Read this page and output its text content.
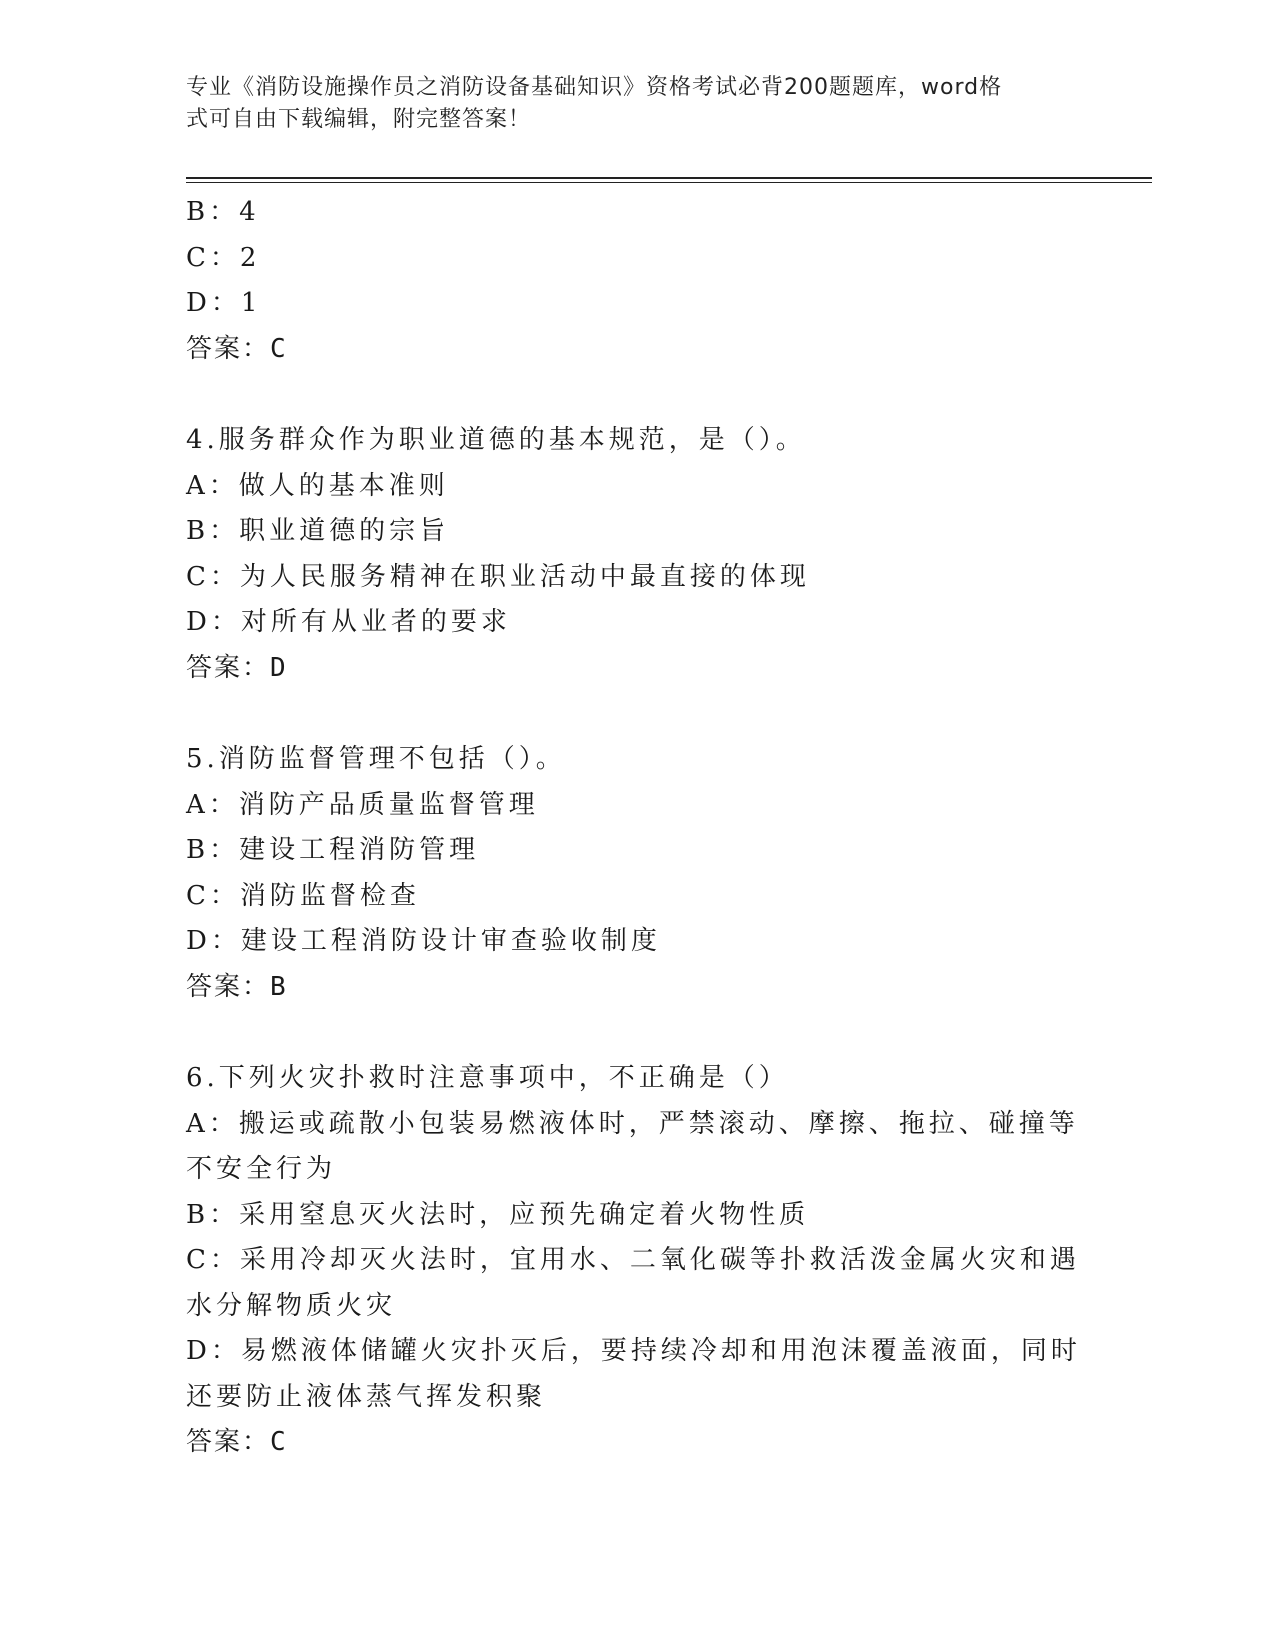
专业《消防设施操作员之消防设备基础知识》资格考试必背200题题库，word格
式可自由下载编辑，附完整答案！
B：4
C：2
D：1
答案：C
4.服务群众作为职业道德的基本规范，是（）。
A：做人的基本准则
B：职业道德的宗旨
C：为人民服务精神在职业活动中最直接的体现
D：对所有从业者的要求
答案：D
5.消防监督管理不包括（）。
A：消防产品质量监督管理
B：建设工程消防管理
C：消防监督检查
D：建设工程消防设计审查验收制度
答案：B
6.下列火灾扑救时注意事项中，不正确是（）
A：搬运或疏散小包装易燃液体时，严禁滚动、摩擦、拖拉、碰撞等不安全行为
B：采用窒息灭火法时，应预先确定着火物性质
C：采用冷却灭火法时，宜用水、二氧化碳等扑救活泼金属火灾和遇水分解物质火灾
D：易燃液体储罐火灾扑灭后，要持续冷却和用泡沫覆盖液面，同时还要防止液体蒸气挥发积聚
答案：C
